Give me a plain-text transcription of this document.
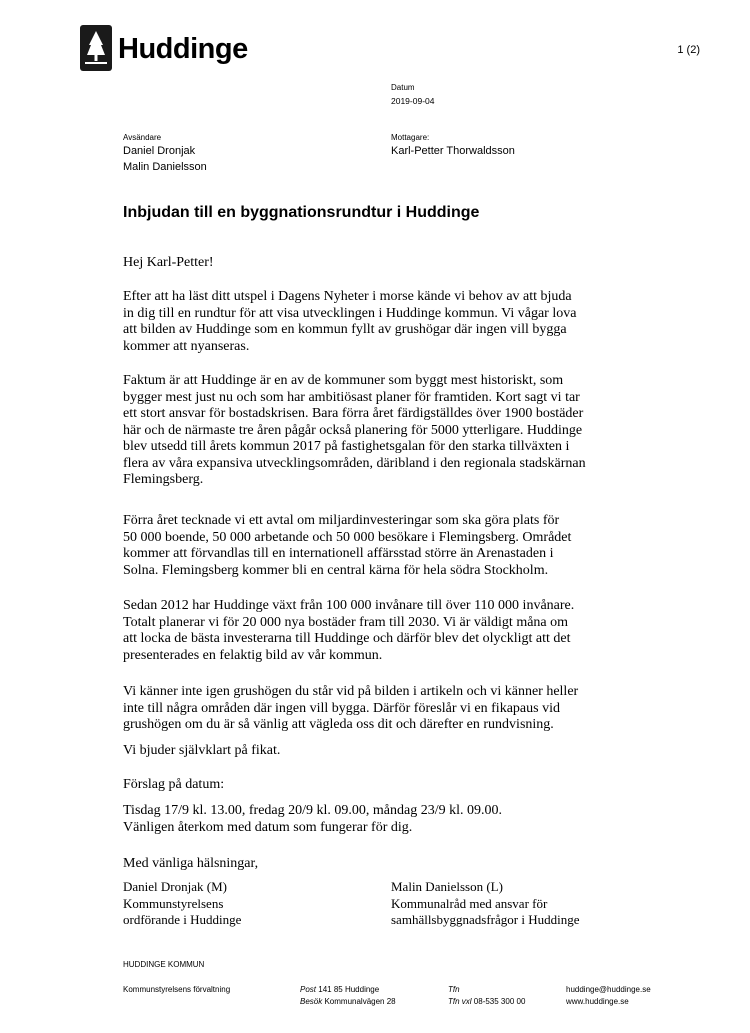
Huddinge	1 (2)
Datum
2019-09-04
Avsändare
Daniel Dronjak
Malin Danielsson
Mottagare:
Karl-Petter Thorwaldsson
Inbjudan till en byggnationsrundtur i Huddinge
Hej Karl-Petter!
Efter att ha läst ditt utspel i Dagens Nyheter i morse kände vi behov av att bjuda
in dig till en rundtur för att visa utvecklingen i Huddinge kommun. Vi vågar lova
att bilden av Huddinge som en kommun fyllt av grushögar där ingen vill bygga
kommer att nyanseras.
Faktum är att Huddinge är en av de kommuner som byggt mest historiskt, som
bygger mest just nu och som har ambitiösast planer för framtiden. Kort sagt vi tar
ett stort ansvar för bostadskrisen. Bara förra året färdigställdes över 1900 bostäder
här och de närmaste tre åren pågår också planering för 5000 ytterligare. Huddinge
blev utsedd till årets kommun 2017 på fastighetsgalan för den starka tillväxten i
flera av våra expansiva utvecklingsområden, däribland i den regionala stadskärnan
Flemingsberg.
Förra året tecknade vi ett avtal om miljardinvesteringar som ska göra plats för
50 000 boende, 50 000 arbetande och 50 000 besökare i Flemingsberg. Området
kommer att förvandlas till en internationell affärsstad större än Arenastaden i
Solna. Flemingsberg kommer bli en central kärna för hela södra Stockholm.
Sedan 2012 har Huddinge växt från 100 000 invånare till över 110 000 invånare.
Totalt planerar vi för 20 000 nya bostäder fram till 2030. Vi är väldigt måna om
att locka de bästa investerarna till Huddinge och därför blev det olyckligt att det
presenterades en felaktig bild av vår kommun.
Vi känner inte igen grushögen du står vid på bilden i artikeln och vi känner heller
inte till några områden där ingen vill bygga. Därför föreslår vi en fikapaus vid
grushögen om du är så vänlig att vägleda oss dit och därefter en rundvisning.
Vi bjuder självklart på fikat.
Förslag på datum:
Tisdag 17/9 kl. 13.00, fredag 20/9 kl. 09.00, måndag 23/9 kl. 09.00.
Vänligen återkom med datum som fungerar för dig.
Med vänliga hälsningar,
Daniel Dronjak (M)
Kommunstyrelsens
ordförande i Huddinge
Malin Danielsson (L)
Kommunalråd med ansvar för
samhällsbyggnadsfrågor i Huddinge
HUDDINGE KOMMUN
Kommunstyrelsens förvaltning	Post 141 85 Huddinge
Besök Kommunalvägen 28
Tfn
Tfn vxl 08-535 300 00
huddinge@huddinge.se
www.huddinge.se
